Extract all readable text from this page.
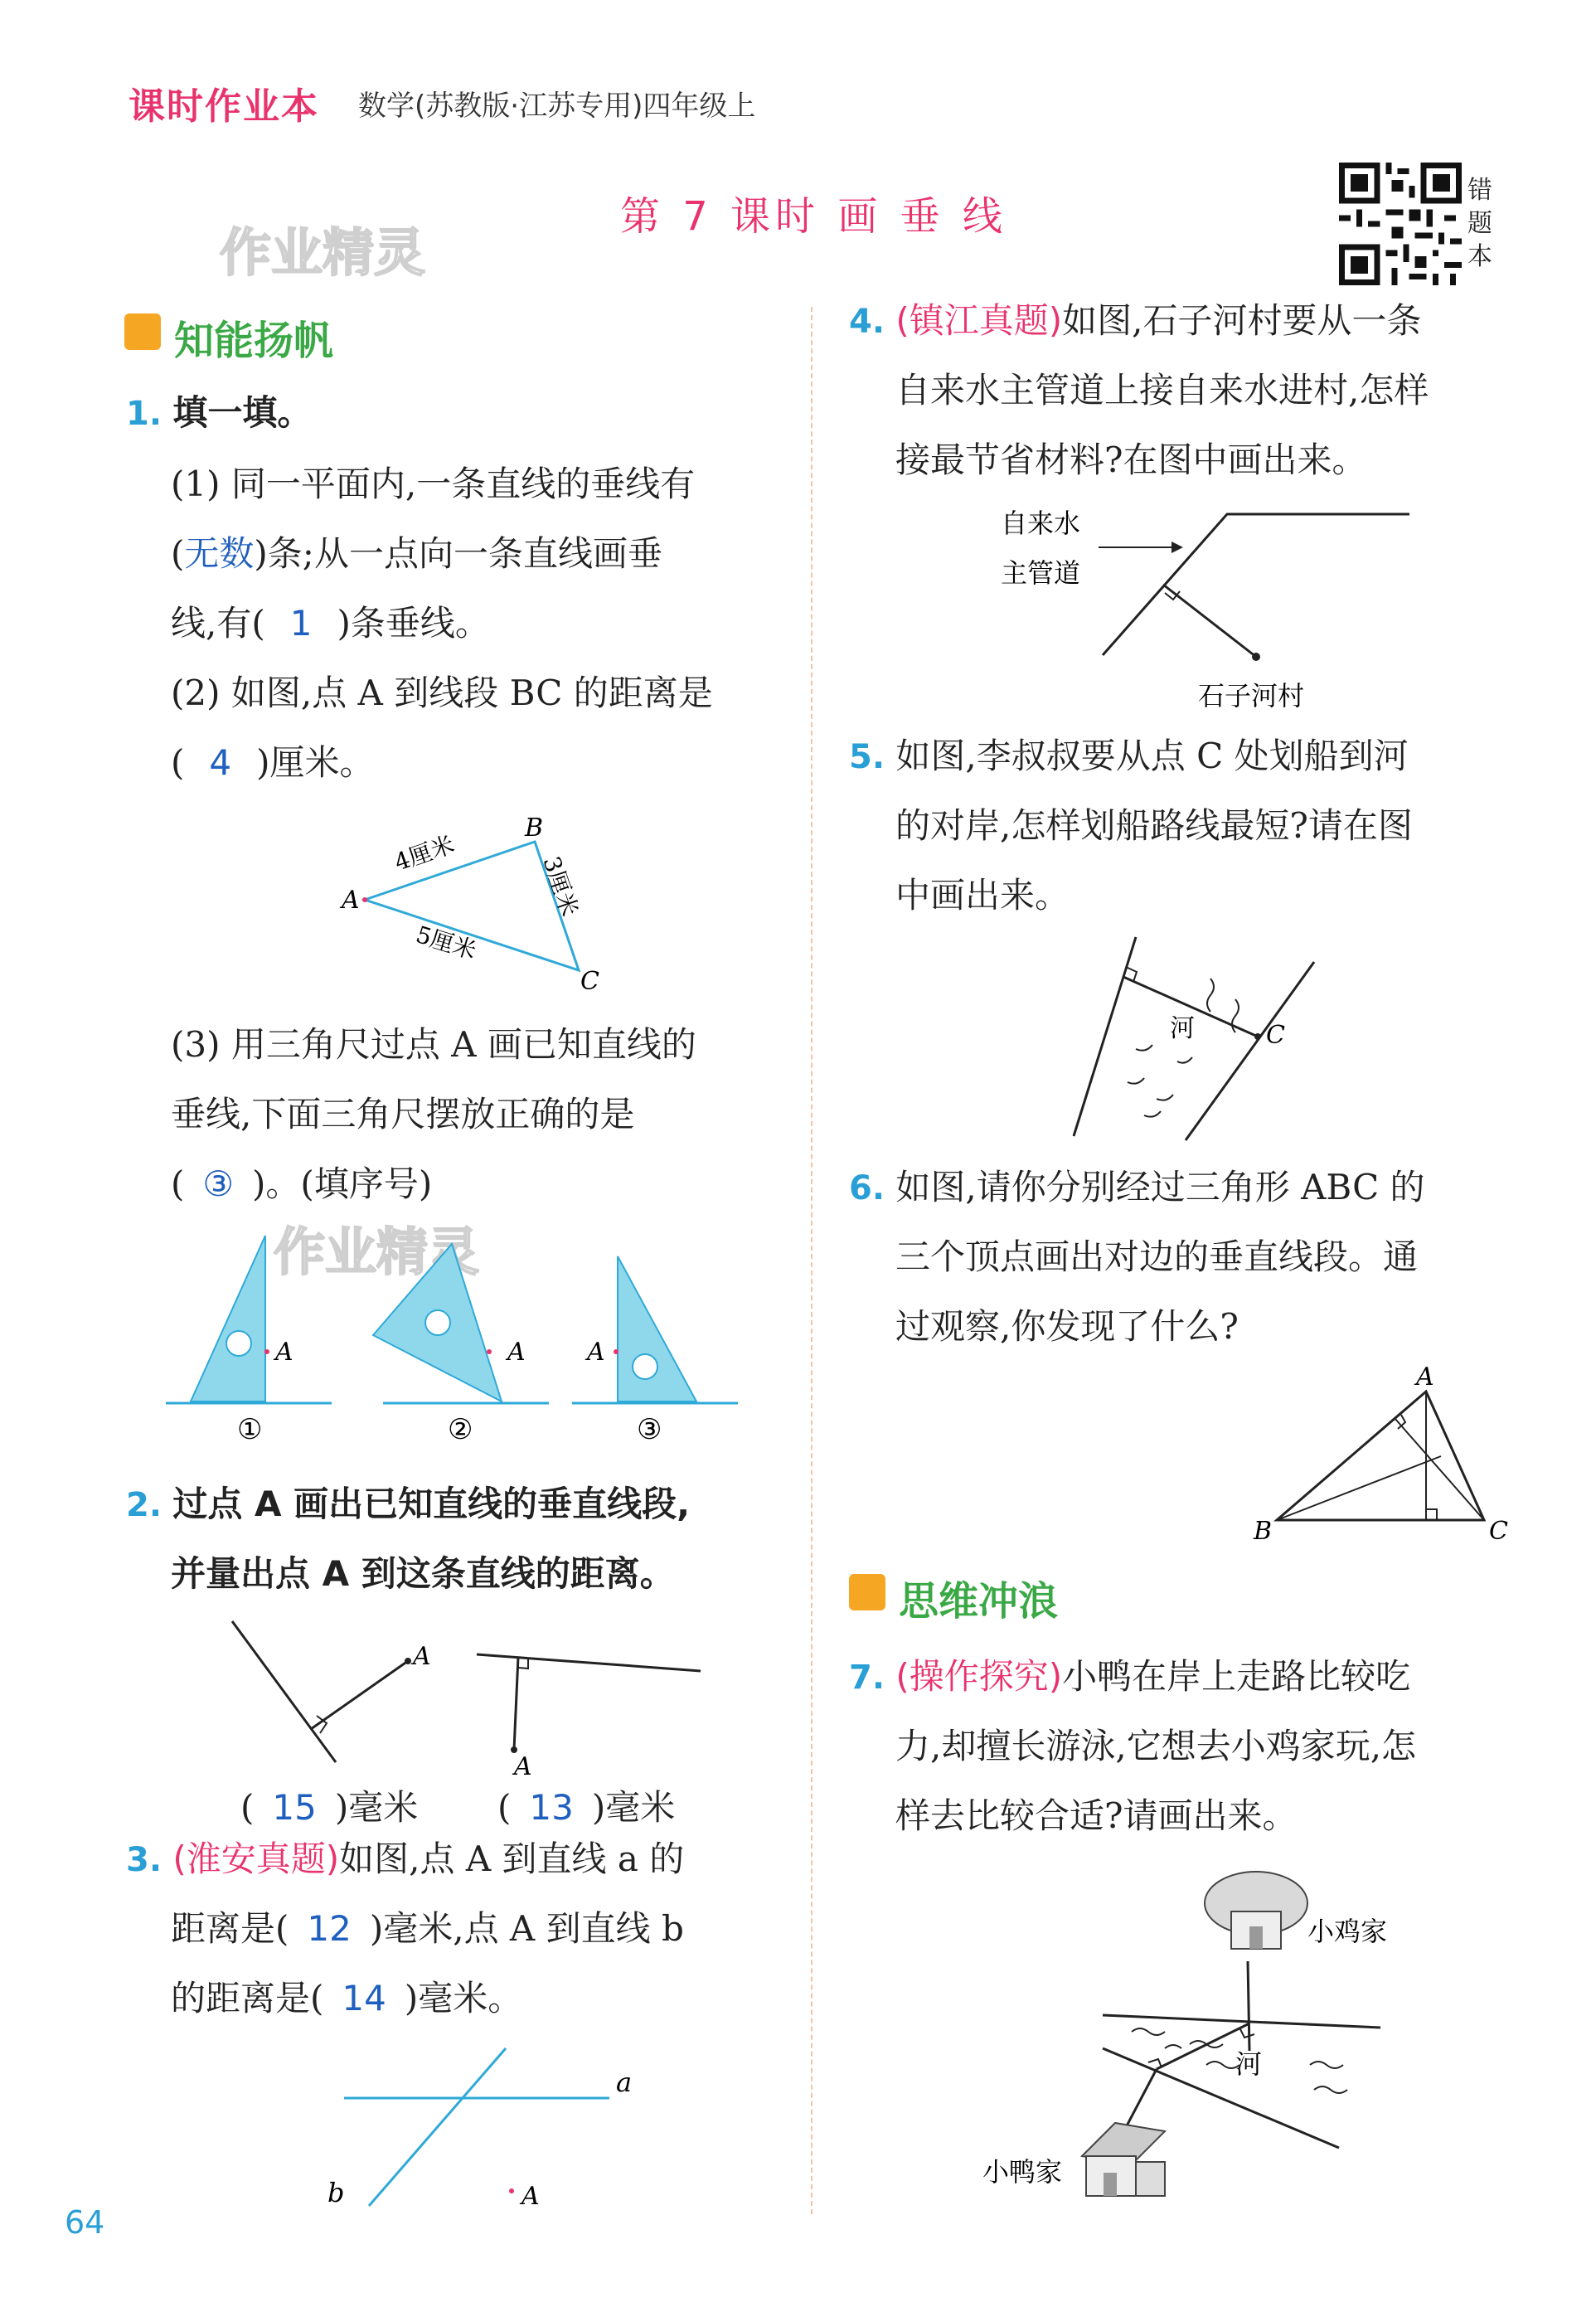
课时作业本 数学(苏教版·江苏专用)四年级上
第 7 课时 画 垂 线
作业精灵
错题本
知能扬帆
1. 填一填。
(1) 同一平面内,一条直线的垂线有
(无数)条;从一点向一条直线画垂
线,有( 1 )条垂线。
(2) 如图,点 A 到线段 BC 的距离是
( 4 )厘米。
A
B
C
4厘米	3厘米
5厘米
(3) 用三角尺过点 A 画已知直线的
垂线,下面三角尺摆放正确的是
( ③ )。(填序号)
作业精灵
A
①
A
②
A
③
2. 过点 A 画出已知直线的垂直线段,
并量出点 A 到这条直线的距离。
A
A
( 15 )毫米 ( 13 )毫米
3. (淮安真题)如图,点 A 到直线 a 的
距离是( 12 )毫米,点 A 到直线 b
的距离是( 14 )毫米。
a
b	A
4. (镇江真题)如图,石子河村要从一条
自来水主管道上接自来水进村,怎样
接最节省材料?在图中画出来。
自来水
主管道
石子河村
5. 如图,李叔叔要从点 C 处划船到河
的对岸,怎样划船路线最短?请在图
中画出来。
C
河
6. 如图,请你分别经过三角形 ABC 的
三个顶点画出对边的垂直线段。通
过观察,你发现了什么?
A
B	C
思维冲浪
7. (操作探究)小鸭在岸上走路比较吃
力,却擅长游泳,它想去小鸡家玩,怎
样去比较合适?请画出来。
小鸡家
河
小鸭家
64
